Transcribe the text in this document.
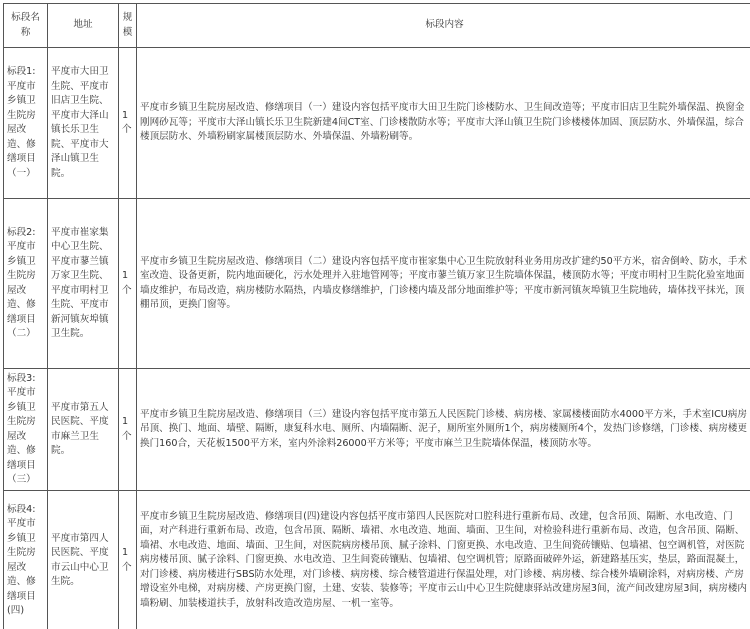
标段名称	地址	规模	标段内容	
标段1:平度市乡镇卫生院房屋改造、修缮项目（一）	平度市大田卫生院、平度市旧店卫生院、平度市大泽山镇长乐卫生院、平度市大泽山镇卫生院。	1个	平度市乡镇卫生院房屋改造、修缮项目（一）建设内容包括平度市大田卫生院门诊楼防水、卫生间改造等；平度市旧店卫生院外墙保温、换窗金刚网砂瓦等；平度市大泽山镇长乐卫生院新建4间CT室、门诊楼散防水等；平度市大泽山镇卫生院门诊楼楼体加固、顶层防水、外墙保温，综合楼顶层防水、外墙粉刷家属楼顶层防水、外墙保温、外墙粉刷等。	
标段2:平度市乡镇卫生院房屋改造、修缮项目（二）	平度市崔家集中心卫生院、平度市蓼兰镇万家卫生院、平度市明村卫生院、平度市新河镇灰埠镇卫生院。	1个	平度市乡镇卫生院房屋改造、修缮项目（二）建设内容包括平度市崔家集中心卫生院放射科业务用房改扩建约50平方米，宿舍倒岭、防水，手术室改造、设备更新，院内地面硬化，污水处理并入驻地管网等；平度市蓼兰镇万家卫生院墙体保温，楼顶防水等；平度市明村卫生院化验室地面墙皮维护，布局改造，病房楼防水隔热，内墙皮修缮维护，门诊楼内墙及部分地面维护等；平度市新河镇灰埠镇卫生院地砖，墙体找平抹光，顶棚吊顶，更换门窗等。	
标段3:平度市乡镇卫生院房屋改造、修缮项目（三）	平度市第五人民医院、平度市麻兰卫生院。	1个	平度市乡镇卫生院房屋改造、修缮项目（三）建设内容包括平度市第五人民医院门诊楼、病房楼、家属楼楼面防水4000平方米，手术室ICU病房吊顶、换门、地面、墙壁、隔断，康复科水电、厕所、内墙隔断、泥子，厕所室外厕所1个，病房楼厕所4个，发热门诊修缮，门诊楼、病房楼更换门160合，天花板1500平方米，室内外涂料26000平方米等；平度市麻兰卫生院墙体保温，楼顶防水等。	
标段4:平度市乡镇卫生院房屋改造、修缮项目(四)	平度市第四人民医院、平度市云山中心卫生院。	1个	平度市乡镇卫生院房屋改造、修缮项目(四)建设内容包括平度市第四人民医院对口腔科进行重新布局、改建，包含吊顶、隔断、水电改造、门面，对产科进行重新布局、改造，包含吊顶、隔断、墙裙、水电改造、地面、墙面、卫生间，对检验科进行重新布局、改造，包含吊顶、隔断、墙裙、水电改造、地面、墙面、卫生间，对医院病房楼吊顶、腻子涂料、门窗更换、水电改造、卫生间瓷砖镶贴、包墙裙、包空调机管，对医院病房楼吊顶、腻子涂料、门窗更换、水电改造、卫生间瓷砖镶贴、包墙裙、包空调机管；原路面破碎外运，新建路基压实，垫层，路面混凝土，对门诊楼、病房楼进行SBS防水处理，对门诊楼、病房楼、综合楼管道进行保温处理，对门诊楼、病房楼、综合楼外墙刷涂料，对病房楼、产房增设室外电梯，对病房楼、产房更换门窗，土建、安装、装修等；平度市云山中心卫生院健康驿站改建房屋3间，流产间改建房屋3间，病房楼内墙粉刷、加装楼道扶手，放射科改造改造房屋、一机一室等。	
